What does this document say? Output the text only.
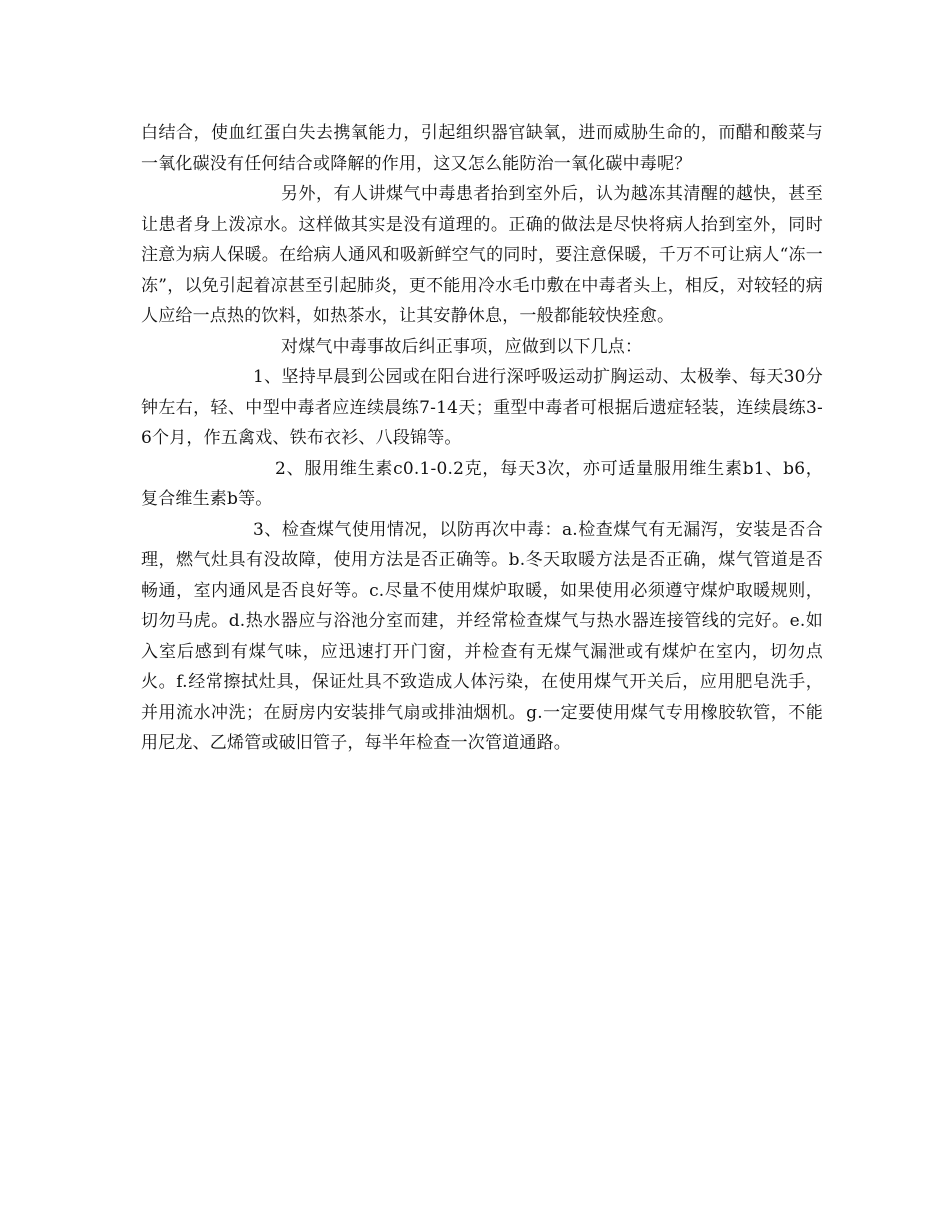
白结合，使血红蛋白失去携氧能力，引起组织器官缺氧，进而威胁生命的，而醋和酸菜与一氧化碳没有任何结合或降解的作用，这又怎么能防治一氧化碳中毒呢？

另外，有人讲煤气中毒患者抬到室外后，认为越冻其清醒的越快，甚至让患者身上泼凉水。这样做其实是没有道理的。正确的做法是尽快将病人抬到室外，同时注意为病人保暖。在给病人通风和吸新鲜空气的同时，要注意保暖，千万不可让病人“冻一冻”，以免引起着凉甚至引起肺炎，更不能用冷水毛巾敷在中毒者头上，相反，对较轻的病人应给一点热的饮料，如热茶水，让其安静休息，一般都能较快痊愈。

对煤气中毒事故后纠正事项，应做到以下几点：

1、坚持早晨到公园或在阳台进行深呼吸运动扩胸运动、太极拳、每天30分钟左右，轻、中型中毒者应连续晨练7-14天；重型中毒者可根据后遗症轻装，连续晨练3-6个月，作五禽戏、铁布衣衫、八段锦等。

2、服用维生素c0.1-0.2克，每天3次，亦可适量服用维生素b1、b6，复合维生素b等。

3、检查煤气使用情况，以防再次中毒：a.检查煤气有无漏泻，安装是否合理，燃气灶具有没故障，使用方法是否正确等。b.冬天取暖方法是否正确，煤气管道是否畅通，室内通风是否良好等。c.尽量不使用煤炉取暖，如果使用必须遵守煤炉取暖规则，切勿马虎。d.热水器应与浴池分室而建，并经常检查煤气与热水器连接管线的完好。e.如入室后感到有煤气味，应迅速打开门窗，并检查有无煤气漏泄或有煤炉在室内，切勿点火。f.经常擦拭灶具，保证灶具不致造成人体污染，在使用煤气开关后，应用肥皂洗手，并用流水冲洗；在厨房内安装排气扇或排油烟机。g.一定要使用煤气专用橡胶软管，不能用尼龙、乙烯管或破旧管子，每半年检查一次管道通路。
